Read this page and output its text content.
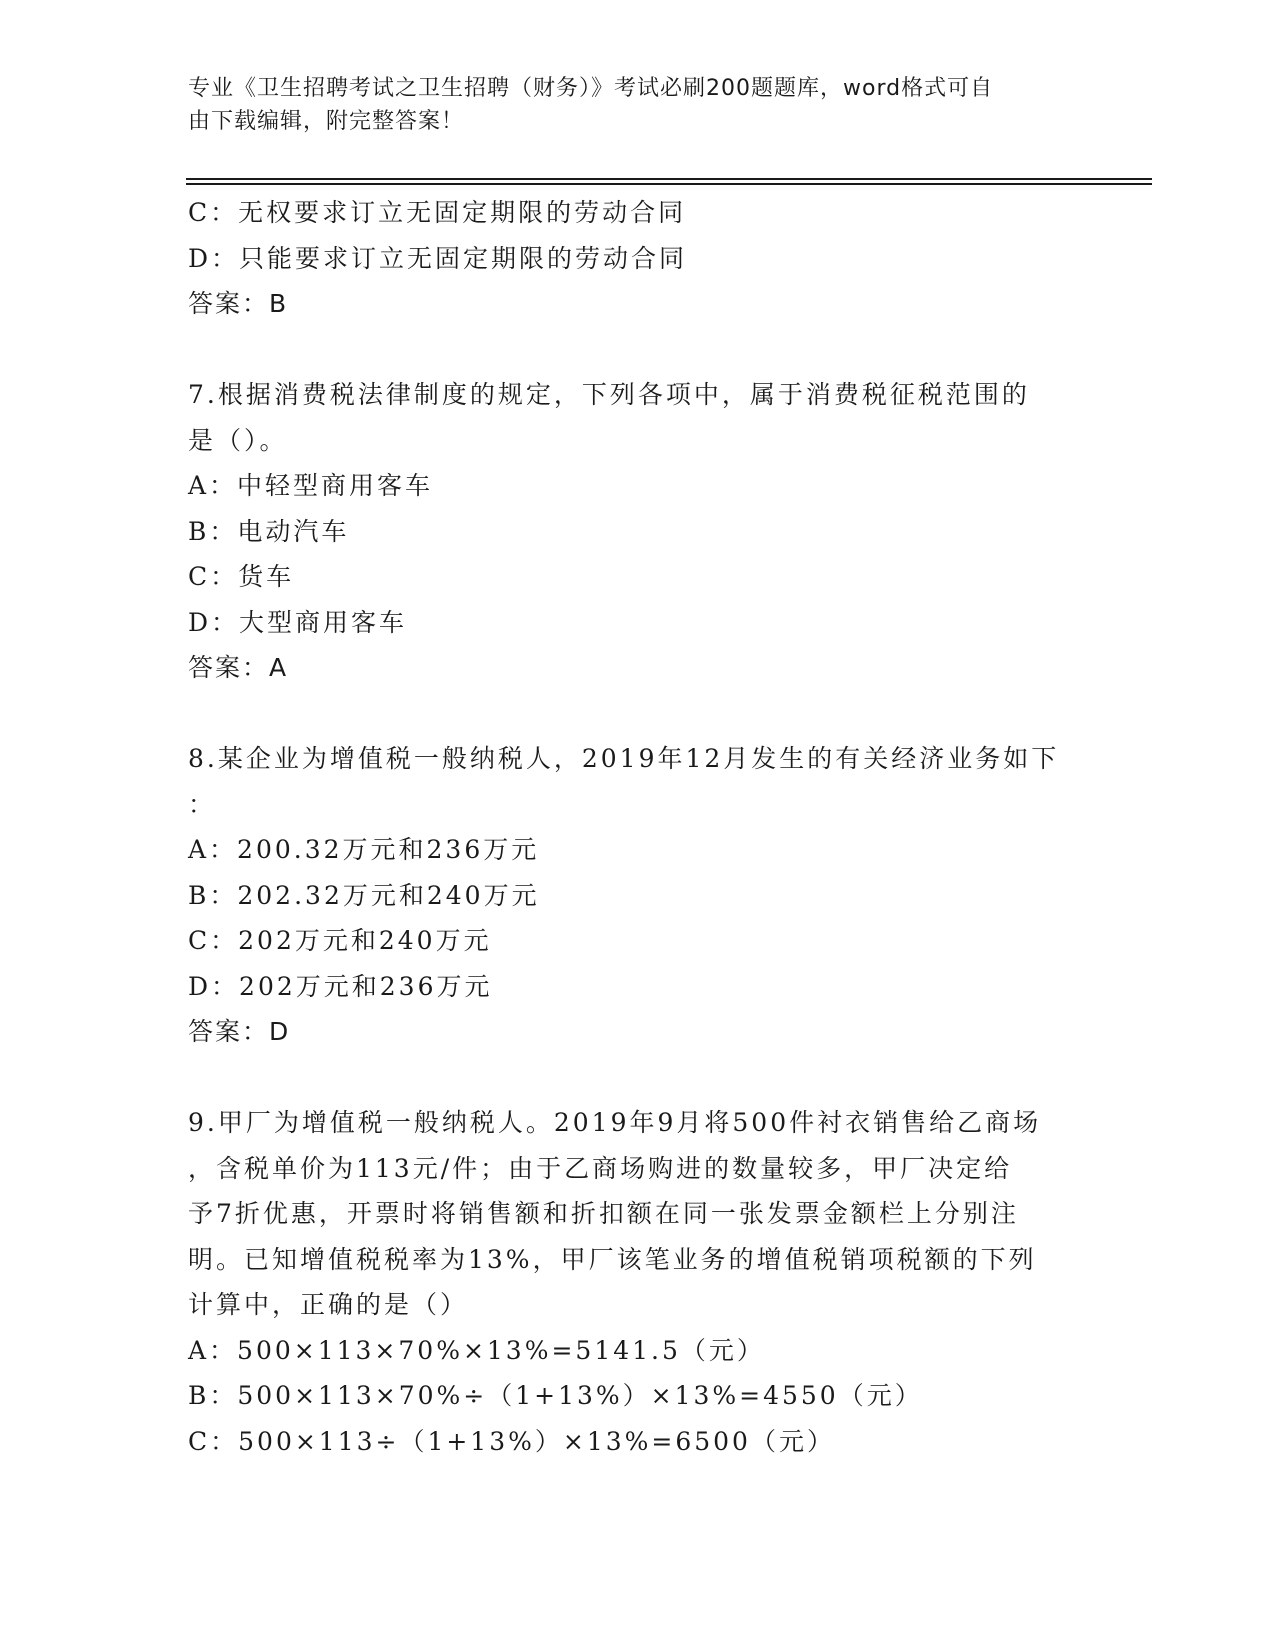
专业《卫生招聘考试之卫生招聘（财务）》考试必刷200题题库，word格式可自
由下载编辑，附完整答案！
C：无权要求订立无固定期限的劳动合同
D：只能要求订立无固定期限的劳动合同
答案：B
7.根据消费税法律制度的规定，下列各项中，属于消费税征税范围的
是（）。
A：中轻型商用客车
B：电动汽车
C：货车
D：大型商用客车
答案：A
8.某企业为增值税一般纳税人，2019年12月发生的有关经济业务如下
：
A：200.32万元和236万元
B：202.32万元和240万元
C：202万元和240万元
D：202万元和236万元
答案：D
9.甲厂为增值税一般纳税人。2019年9月将500件衬衣销售给乙商场
，含税单价为113元/件；由于乙商场购进的数量较多，甲厂决定给
予7折优惠，开票时将销售额和折扣额在同一张发票金额栏上分别注
明。已知增值税税率为13%，甲厂该笔业务的增值税销项税额的下列
计算中，正确的是（）
A：500×113×70%×13%=5141.5（元）
B：500×113×70%÷（1+13%）×13%=4550（元）
C：500×113÷（1+13%）×13%=6500（元）
